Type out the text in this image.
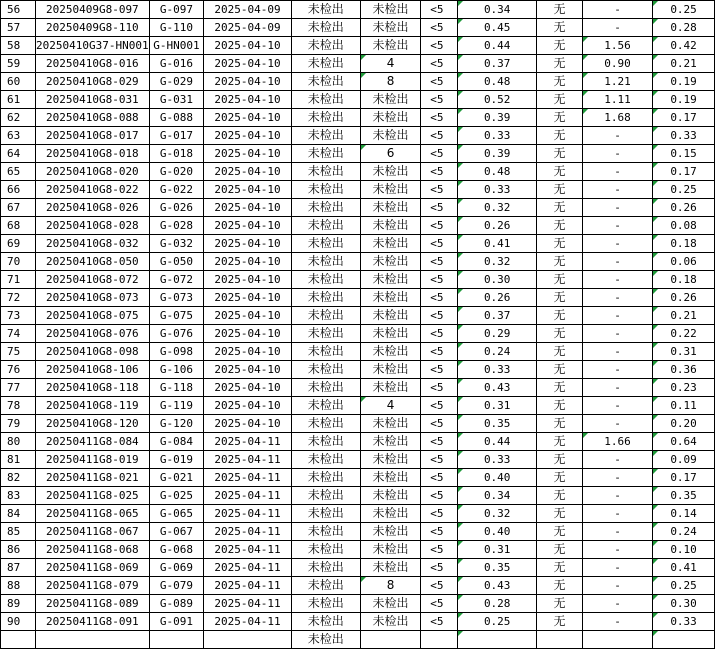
56	20250409G8-097	G-097	2025-04-09	未检出	未检出	<5	0.34	无	-	0.25
57	20250409G8-110	G-110	2025-04-09	未检出	未检出	<5	0.45	无	-	0.28
58	20250410G37-HN001	G-HN001	2025-04-10	未检出	未检出	<5	0.44	无	1.56	0.42
59	20250410G8-016	G-016	2025-04-10	未检出	4	<5	0.37	无	0.90	0.21
60	20250410G8-029	G-029	2025-04-10	未检出	8	<5	0.48	无	1.21	0.19
61	20250410G8-031	G-031	2025-04-10	未检出	未检出	<5	0.52	无	1.11	0.19
62	20250410G8-088	G-088	2025-04-10	未检出	未检出	<5	0.39	无	1.68	0.17
63	20250410G8-017	G-017	2025-04-10	未检出	未检出	<5	0.33	无	-	0.33
64	20250410G8-018	G-018	2025-04-10	未检出	6	<5	0.39	无	-	0.15
65	20250410G8-020	G-020	2025-04-10	未检出	未检出	<5	0.48	无	-	0.17
66	20250410G8-022	G-022	2025-04-10	未检出	未检出	<5	0.33	无	-	0.25
67	20250410G8-026	G-026	2025-04-10	未检出	未检出	<5	0.32	无	-	0.26
68	20250410G8-028	G-028	2025-04-10	未检出	未检出	<5	0.26	无	-	0.08
69	20250410G8-032	G-032	2025-04-10	未检出	未检出	<5	0.41	无	-	0.18
70	20250410G8-050	G-050	2025-04-10	未检出	未检出	<5	0.32	无	-	0.06
71	20250410G8-072	G-072	2025-04-10	未检出	未检出	<5	0.30	无	-	0.18
72	20250410G8-073	G-073	2025-04-10	未检出	未检出	<5	0.26	无	-	0.26
73	20250410G8-075	G-075	2025-04-10	未检出	未检出	<5	0.37	无	-	0.21
74	20250410G8-076	G-076	2025-04-10	未检出	未检出	<5	0.29	无	-	0.22
75	20250410G8-098	G-098	2025-04-10	未检出	未检出	<5	0.24	无	-	0.31
76	20250410G8-106	G-106	2025-04-10	未检出	未检出	<5	0.33	无	-	0.36
77	20250410G8-118	G-118	2025-04-10	未检出	未检出	<5	0.43	无	-	0.23
78	20250410G8-119	G-119	2025-04-10	未检出	4	<5	0.31	无	-	0.11
79	20250410G8-120	G-120	2025-04-10	未检出	未检出	<5	0.35	无	-	0.20
80	20250411G8-084	G-084	2025-04-11	未检出	未检出	<5	0.44	无	1.66	0.64
81	20250411G8-019	G-019	2025-04-11	未检出	未检出	<5	0.33	无	-	0.09
82	20250411G8-021	G-021	2025-04-11	未检出	未检出	<5	0.40	无	-	0.17
83	20250411G8-025	G-025	2025-04-11	未检出	未检出	<5	0.34	无	-	0.35
84	20250411G8-065	G-065	2025-04-11	未检出	未检出	<5	0.32	无	-	0.14
85	20250411G8-067	G-067	2025-04-11	未检出	未检出	<5	0.40	无	-	0.24
86	20250411G8-068	G-068	2025-04-11	未检出	未检出	<5	0.31	无	-	0.10
87	20250411G8-069	G-069	2025-04-11	未检出	未检出	<5	0.35	无	-	0.41
88	20250411G8-079	G-079	2025-04-11	未检出	8	<5	0.43	无	-	0.25
89	20250411G8-089	G-089	2025-04-11	未检出	未检出	<5	0.28	无	-	0.30
90	20250411G8-091	G-091	2025-04-11	未检出	未检出	<5	0.25	无	-	0.33
				未检出						
